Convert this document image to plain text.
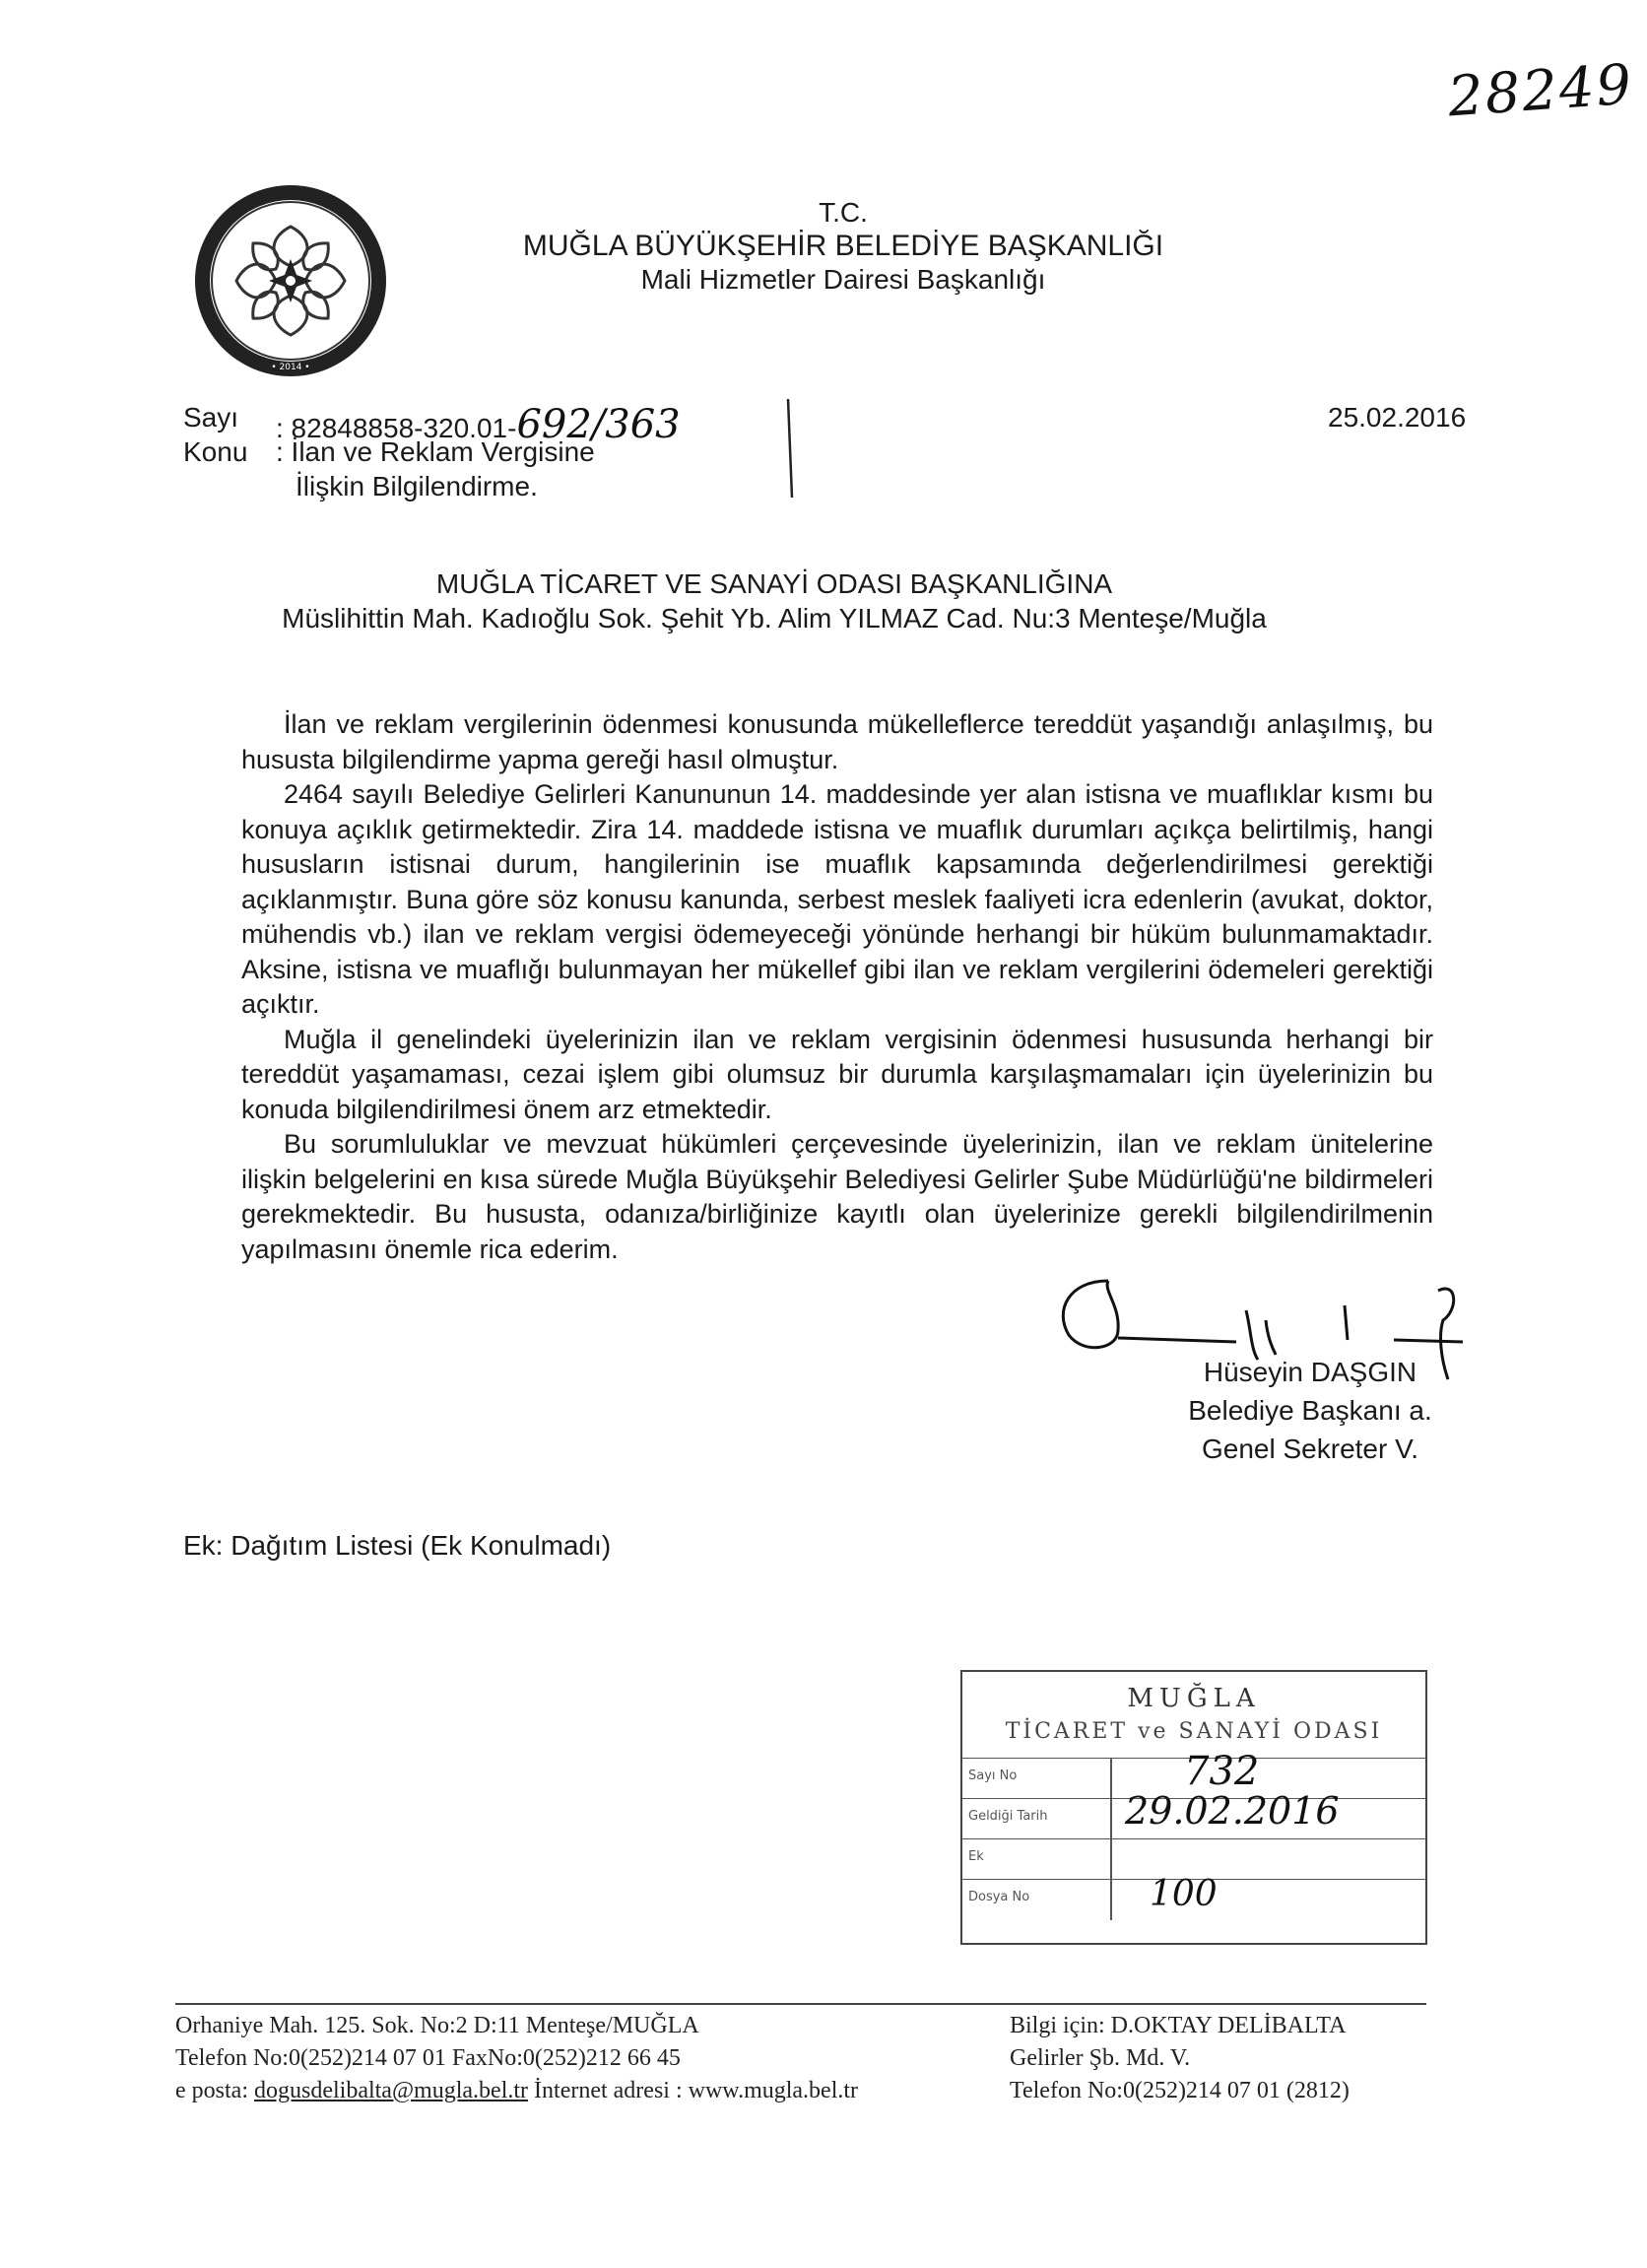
28249
• 2014 •
T.C.
MUĞLA BÜYÜKŞEHİR BELEDİYE BAŞKANLIĞI
Mali Hizmetler Dairesi Başkanlığı
Sayı : 82848858-320.01-692/363
Konu : İlan ve Reklam Vergisine
İlişkin Bilgilendirme.
25.02.2016
MUĞLA TİCARET VE SANAYİ ODASI BAŞKANLIĞINA
Müslihittin Mah. Kadıoğlu Sok. Şehit Yb. Alim YILMAZ Cad. Nu:3 Menteşe/Muğla

İlan ve reklam vergilerinin ödenmesi konusunda mükelleflerce tereddüt yaşandığı anlaşılmış, bu hususta bilgilendirme yapma gereği hasıl olmuştur.

2464 sayılı Belediye Gelirleri Kanununun 14. maddesinde yer alan istisna ve muaflıklar kısmı bu konuya açıklık getirmektedir. Zira 14. maddede istisna ve muaflık durumları açıkça belirtilmiş, hangi hususların istisnai durum, hangilerinin ise muaflık kapsamında değerlendirilmesi gerektiği açıklanmıştır. Buna göre söz konusu kanunda, serbest meslek faaliyeti icra edenlerin (avukat, doktor, mühendis vb.) ilan ve reklam vergisi ödemeyeceği yönünde herhangi bir hüküm bulunmamaktadır. Aksine, istisna ve muaflığı bulunmayan her mükellef gibi ilan ve reklam vergilerini ödemeleri gerektiği açıktır.

Muğla il genelindeki üyelerinizin ilan ve reklam vergisinin ödenmesi hususunda herhangi bir tereddüt yaşamaması, cezai işlem gibi olumsuz bir durumla karşılaşmamaları için üyelerinizin bu konuda bilgilendirilmesi önem arz etmektedir.

Bu sorumluluklar ve mevzuat hükümleri çerçevesinde üyelerinizin, ilan ve reklam ünitelerine ilişkin belgelerini en kısa sürede Muğla Büyükşehir Belediyesi Gelirler Şube Müdürlüğü'ne bildirmeleri gerekmektedir. Bu hususta, odanıza/birliğinize kayıtlı olan üyelerinize gerekli bilgilendirilmenin yapılmasını önemle rica ederim.

Hüseyin DAŞGIN
Belediye Başkanı a.
Genel Sekreter V.
Ek: Dağıtım Listesi (Ek Konulmadı)
MUĞLA
TİCARET ve SANAYİ ODASI
Sayı No	732
Geldiği Tarih	29.02.2016
Ek
Dosya No	100
Orhaniye Mah. 125. Sok. No:2 D:11 Menteşe/MUĞLA
Telefon No:0(252)214 07 01 FaxNo:0(252)212 66 45
e posta: dogusdelibalta@mugla.bel.tr İnternet adresi : www.mugla.bel.tr
Bilgi için: D.OKTAY DELİBALTA
Gelirler Şb. Md. V.
Telefon No:0(252)214 07 01 (2812)
